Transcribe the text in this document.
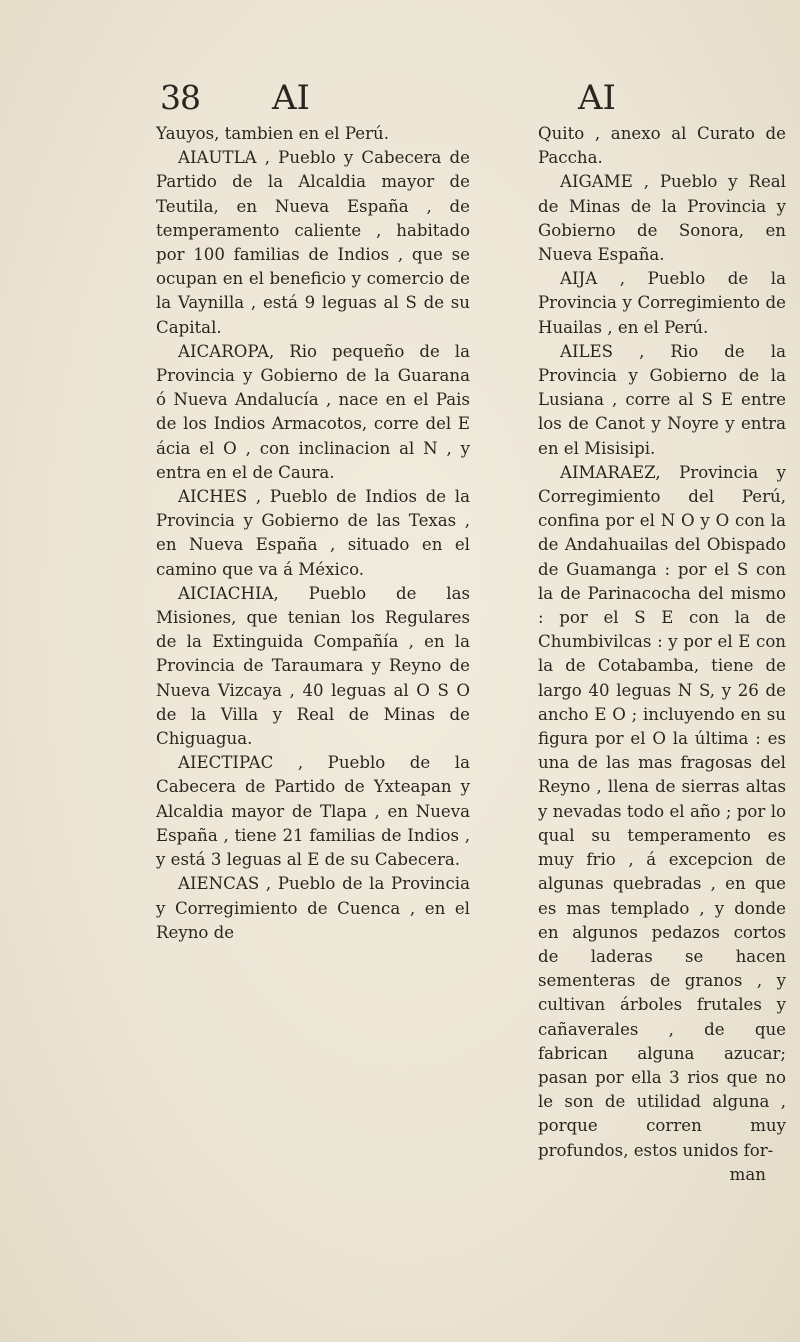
38 AI	AI

Yauyos, tambien en el Perú.

AIAUTLA , Pueblo y Cabecera de Partido de la Alcaldia mayor de Teutila, en Nueva España , de temperamento caliente , habitado por 100 familias de Indios , que se ocupan en el beneficio y comercio de la Vaynilla , está 9 leguas al S de su Capital.

AICAROPA, Rio pequeño de la Provincia y Gobierno de la Guarana ó Nueva Andalucía , nace en el Pais de los Indios Armacotos, corre del E ácia el O , con inclinacion al N , y entra en el de Caura.

AICHES , Pueblo de Indios de la Provincia y Gobierno de las Texas , en Nueva España , situado en el camino que va á México.

AICIACHIA, Pueblo de las Misiones, que tenian los Regulares de la Extinguida Compañía , en la Provincia de Taraumara y Reyno de Nueva Vizcaya , 40 leguas al O S O de la Villa y Real de Minas de Chiguagua.

AIECTIPAC , Pueblo de la Cabecera de Partido de Yxteapan y Alcaldia mayor de Tlapa , en Nueva España , tiene 21 familias de Indios , y está 3 leguas al E de su Cabecera.

AIENCAS , Pueblo de la Provincia y Corregimiento de Cuenca , en el Reyno de

Quito , anexo al Curato de Paccha.

AIGAME , Pueblo y Real de Minas de la Provincia y Gobierno de Sonora, en Nueva España.

AIJA , Pueblo de la Provincia y Corregimiento de Huailas , en el Perú.

AILES , Rio de la Provincia y Gobierno de la Lusiana , corre al S E entre los de Canot y Noyre y entra en el Misisipi.

AIMARAEZ, Provincia y Corregimiento del Perú, confina por el N O y O con la de Andahuailas del Obispado de Guamanga : por el S con la de Parinacocha del mismo : por el S E con la de Chumbivilcas : y por el E con la de Cotabamba, tiene de largo 40 leguas N S, y 26 de ancho E O ; incluyendo en su figura por el O la última : es una de las mas fragosas del Reyno , llena de sierras altas y nevadas todo el año ; por lo qual su temperamento es muy frio , á excepcion de algunas quebradas , en que es mas templado , y donde en algunos pedazos cortos de laderas se hacen sementeras de granos , y cultivan árboles frutales y cañaverales , de que fabrican alguna azucar; pasan por ella 3 rios que no le son de utilidad alguna , porque corren muy profundos, estos unidos for-

man
